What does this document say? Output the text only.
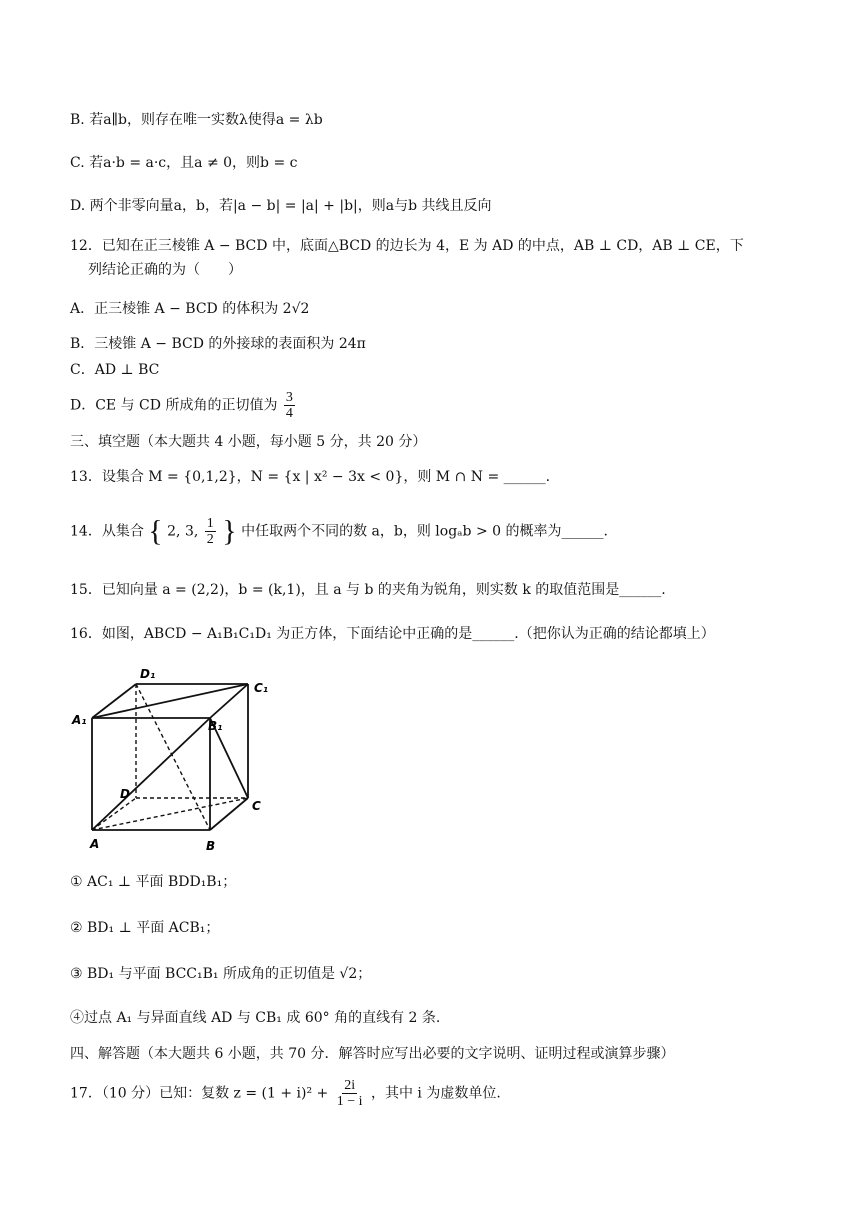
B. 若a∥b，则存在唯一实数λ使得a = λb
C. 若a·b = a·c，且a ≠ 0，则b = c
D. 两个非零向量a，b，若|a − b| = |a| + |b|，则a与b 共线且反向
12．已知在正三棱锥 A − BCD 中，底面△BCD 的边长为 4，E 为 AD 的中点，AB ⊥ CD，AB ⊥ CE，下
列结论正确的为（　　）
A．正三棱锥 A − BCD 的体积为 2√2
B．三棱锥 A − BCD 的外接球的表面积为 24π
C．AD ⊥ BC
D．CE 与 CD 所成角的正切值为 $\frac{3}{4}$
三、填空题（本大题共 4 小题，每小题 5 分，共 20 分）
13．设集合 M = {0,1,2}，N = {x | x² − 3x < 0}，则 M ∩ N = ______.
14．从集合 { 2, 3, $\frac{1}{2}$ } 中任取两个不同的数 a，b，则 logₐb > 0 的概率为______.
15．已知向量 a = (2,2)，b = (k,1)，且 a 与 b 的夹角为锐角，则实数 k 的取值范围是______.
16．如图，ABCD − A₁B₁C₁D₁ 为正方体，下面结论中正确的是______.（把你认为正确的结论都填上）
D₁
C₁
A₁	B₁
D
C
A	B
① AC₁ ⊥ 平面 BDD₁B₁；
② BD₁ ⊥ 平面 ACB₁；
③ BD₁ 与平面 BCC₁B₁ 所成角的正切值是 √2；
④过点 A₁ 与异面直线 AD 与 CB₁ 成 60° 角的直线有 2 条.
四、解答题（本大题共 6 小题，共 70 分．解答时应写出必要的文字说明、证明过程或演算步骤）
17．（10 分）已知：复数 $z = (1 + i)^2 + \frac{2i}{1 - i}$ ，其中 i 为虚数单位.
